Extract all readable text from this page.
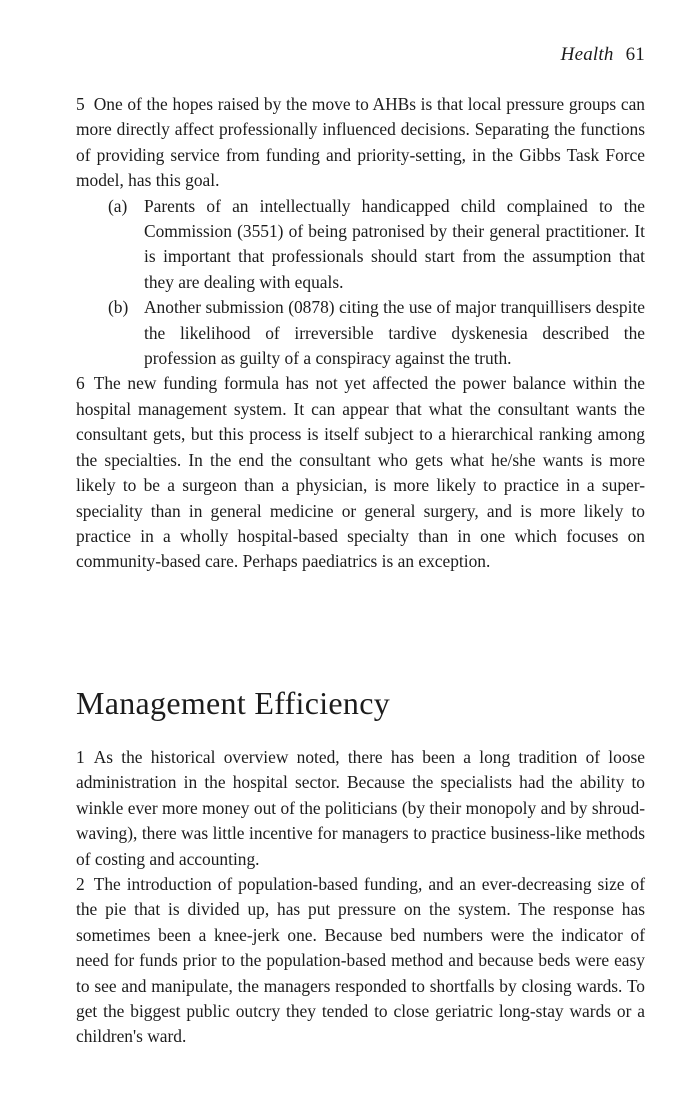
Health 61

5 One of the hopes raised by the move to AHBs is that local pressure groups can more directly affect professionally influenced decisions. Separating the functions of providing service from funding and priority-setting, in the Gibbs Task Force model, has this goal.

(a) Parents of an intellectually handicapped child complained to the Commission (3551) of being patronised by their general practitioner. It is important that professionals should start from the assumption that they are dealing with equals.

(b) Another submission (0878) citing the use of major tranquillisers despite the likelihood of irreversible tardive dyskenesia described the profession as guilty of a conspiracy against the truth.

6 The new funding formula has not yet affected the power balance within the hospital management system. It can appear that what the consultant wants the consultant gets, but this process is itself subject to a hierarchical ranking among the specialties. In the end the consultant who gets what he/she wants is more likely to be a surgeon than a physician, is more likely to practice in a super-speciality than in general medicine or general surgery, and is more likely to practice in a wholly hospital-based specialty than in one which focuses on community-based care. Perhaps paediatrics is an exception.

Management Efficiency

1 As the historical overview noted, there has been a long tradition of loose administration in the hospital sector. Because the specialists had the ability to winkle ever more money out of the politicians (by their monopoly and by shroud-waving), there was little incentive for managers to practice business-like methods of costing and accounting.

2 The introduction of population-based funding, and an ever-decreasing size of the pie that is divided up, has put pressure on the system. The response has sometimes been a knee-jerk one. Because bed numbers were the indicator of need for funds prior to the population-based method and because beds were easy to see and manipulate, the managers responded to shortfalls by closing wards. To get the biggest public outcry they tended to close geriatric long-stay wards or a children's ward.
